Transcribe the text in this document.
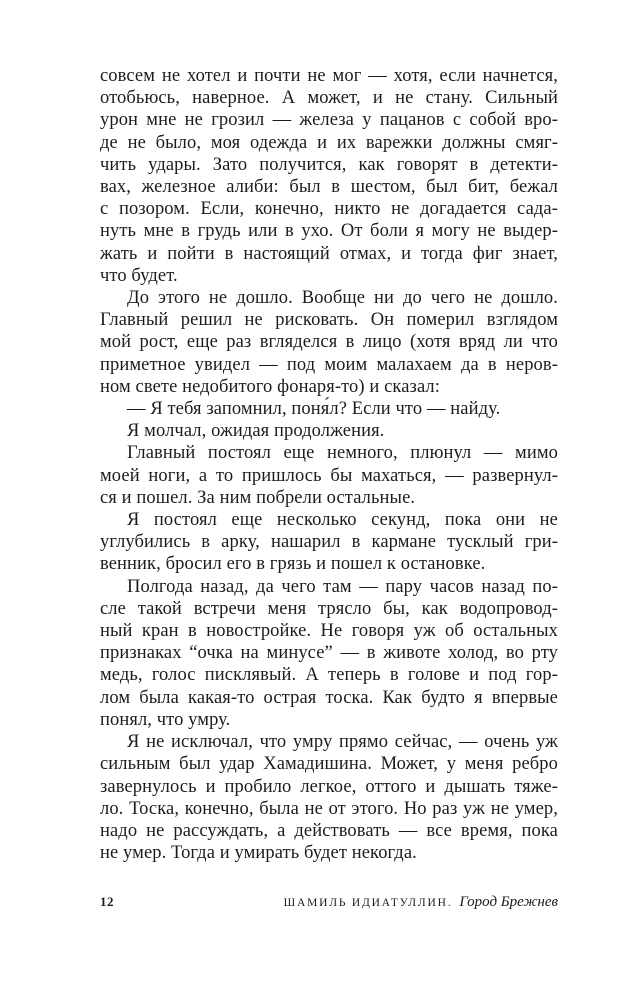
совсем не хотел и почти не мог — хотя, если начнется,
отобьюсь, наверное. А может, и не стану. Сильный
урон мне не грозил — железа у пацанов с собой вро-
де не было, моя одежда и их варежки должны смяг-
чить удары. Зато получится, как говорят в детекти-
вах, железное алиби: был в шестом, был бит, бежал
с позором. Если, конечно, никто не догадается сада-
нуть мне в грудь или в ухо. От боли я могу не выдер-
жать и пойти в настоящий отмах, и тогда фиг знает,
что будет.
До этого не дошло. Вообще ни до чего не дошло.
Главный решил не рисковать. Он померил взглядом
мой рост, еще раз вгляделся в лицо (хотя вряд ли что
приметное увидел — под моим малахаем да в неров-
ном свете недобитого фонаря-то) и сказал:
— Я тебя запомнил, поня́л? Если что — найду.
Я молчал, ожидая продолжения.
Главный постоял еще немного, плюнул — мимо
моей ноги, а то пришлось бы махаться, — развернул-
ся и пошел. За ним побрели остальные.
Я постоял еще несколько секунд, пока они не
углубились в арку, нашарил в кармане тусклый гри-
венник, бросил его в грязь и пошел к остановке.
Полгода назад, да чего там — пару часов назад по-
сле такой встречи меня трясло бы, как водопровод-
ный кран в новостройке. Не говоря уж об остальных
признаках “очка на минусе” — в животе холод, во рту
медь, голос писклявый. А теперь в голове и под гор-
лом была какая-то острая тоска. Как будто я впервые
понял, что умру.
Я не исключал, что умру прямо сейчас, — очень уж
сильным был удар Хамадишина. Может, у меня ребро
завернулось и пробило легкое, оттого и дышать тяже-
ло. Тоска, конечно, была не от этого. Но раз уж не умер,
надо не рассуждать, а действовать — все время, пока
не умер. Тогда и умирать будет некогда.
12	ШАМИЛЬ ИДИАТУЛЛИН. Город Брежнев
